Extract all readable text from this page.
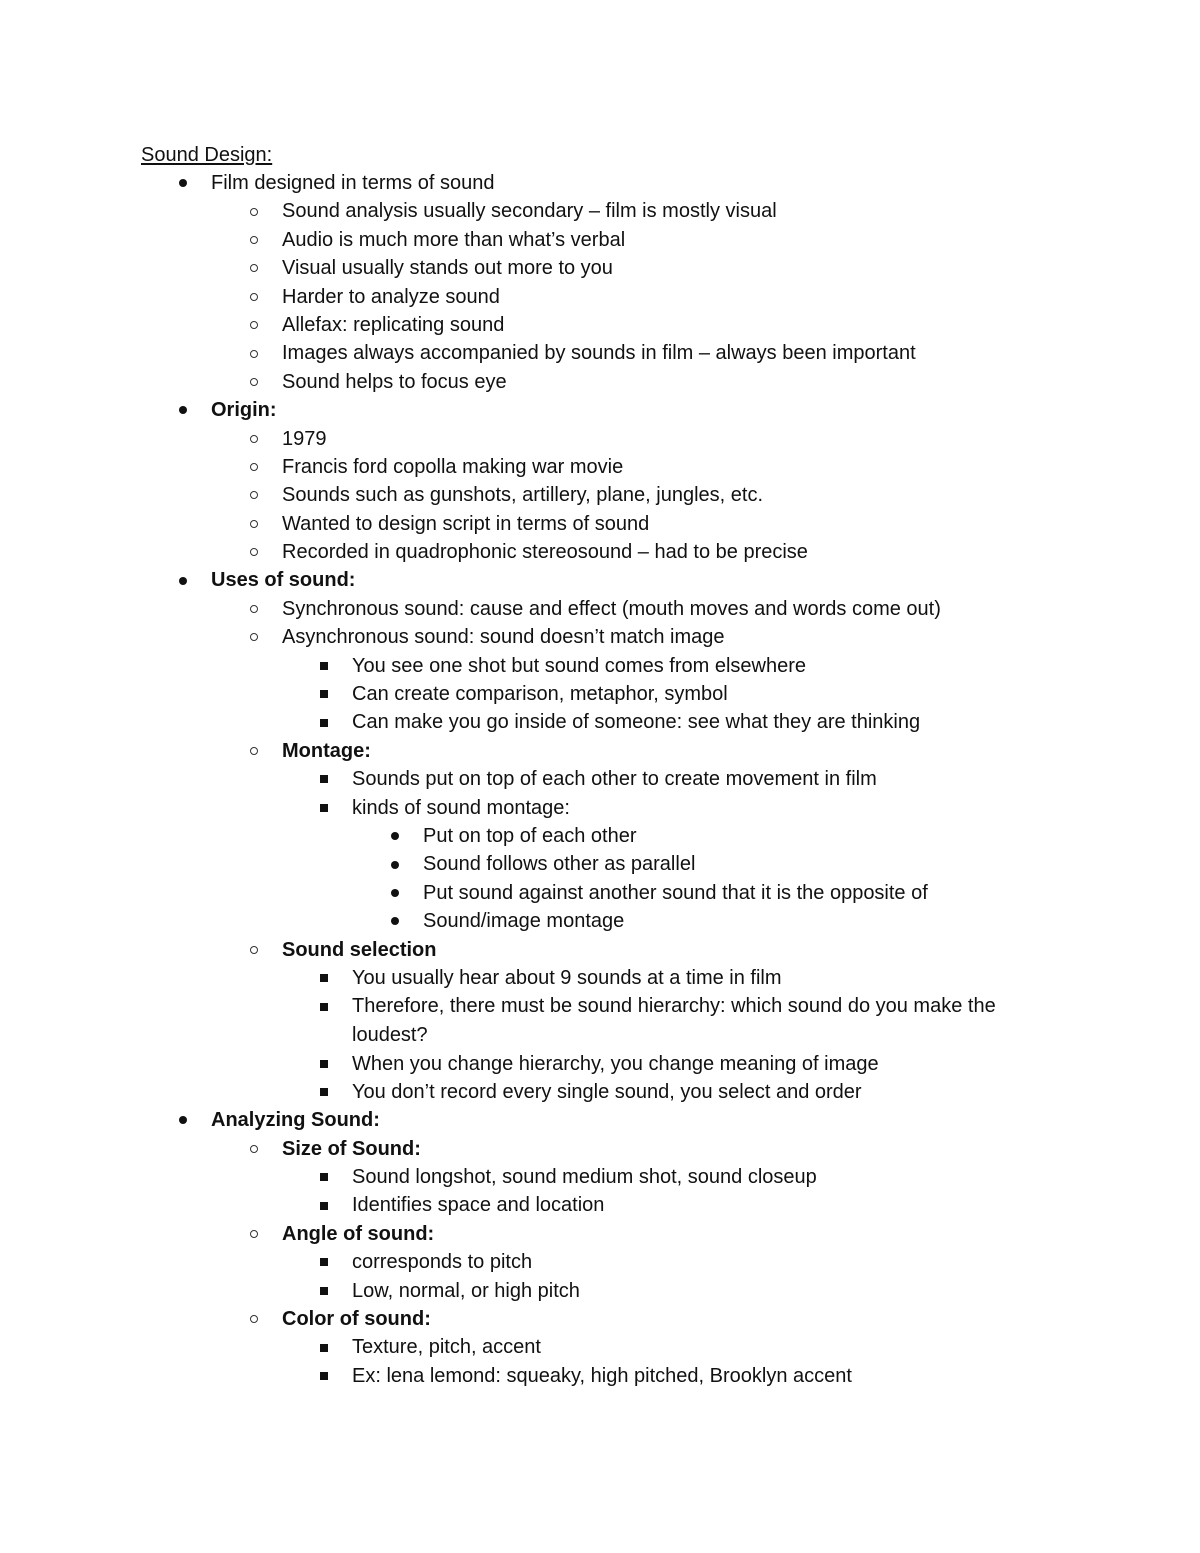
Sound Design:
Film designed in terms of sound
Sound analysis usually secondary – film is mostly visual
Audio is much more than what’s verbal
Visual usually stands out more to you
Harder to analyze sound
Allefax: replicating sound
Images always accompanied by sounds in film – always been important
Sound helps to focus eye
Origin:
1979
Francis ford copolla making war movie
Sounds such as gunshots, artillery, plane, jungles, etc.
Wanted to design script in terms of sound
Recorded in quadrophonic stereosound – had to be precise
Uses of sound:
Synchronous sound: cause and effect (mouth moves and words come out)
Asynchronous sound: sound doesn’t match image
You see one shot but sound comes from elsewhere
Can create comparison, metaphor, symbol
Can make you go inside of someone: see what they are thinking
Montage:
Sounds put on top of each other to create movement in film
kinds of sound montage:
Put on top of each other
Sound follows other as parallel
Put sound against another sound that it is the opposite of
Sound/image montage
Sound selection
You usually hear about 9 sounds at a time in film
Therefore, there must be sound hierarchy: which sound do you make the loudest?
When you change hierarchy, you change meaning of image
You don’t record every single sound, you select and order
Analyzing Sound:
Size of Sound:
Sound longshot, sound medium shot, sound closeup
Identifies space and location
Angle of sound:
corresponds to pitch
Low, normal, or high pitch
Color of sound:
Texture, pitch, accent
Ex: lena lemond: squeaky, high pitched, Brooklyn accent
